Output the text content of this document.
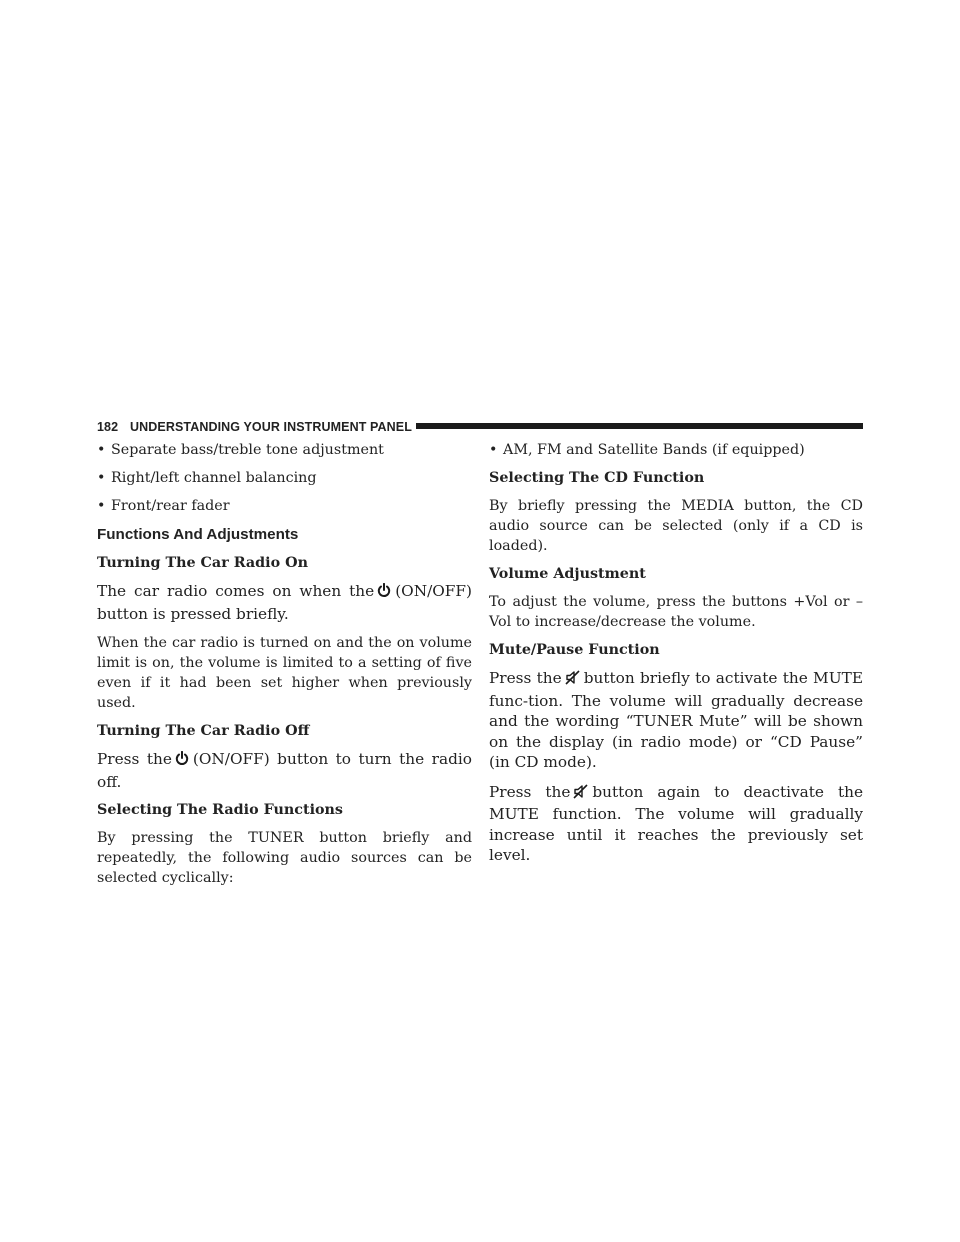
182 UNDERSTANDING YOUR INSTRUMENT PANEL
• Separate bass/treble tone adjustment
• Right/left channel balancing
• Front/rear fader
Functions And Adjustments
Turning The Car Radio On

The car radio comes on when the (ON/OFF) button is pressed briefly.

When the car radio is turned on and the on volume limit is on, the volume is limited to a setting of five even if it had been set higher when previously used.

Turning The Car Radio Off

Press the (ON/OFF) button to turn the radio off.

Selecting The Radio Functions

By pressing the TUNER button briefly and repeatedly, the following audio sources can be selected cyclically:

• AM, FM and Satellite Bands (if equipped)
Selecting The CD Function

By briefly pressing the MEDIA button, the CD audio source can be selected (only if a CD is loaded).

Volume Adjustment

To adjust the volume, press the buttons +Vol or –Vol to increase/decrease the volume.

Mute/Pause Function

Press the button briefly to activate the MUTE func-tion. The volume will gradually decrease and the wording “TUNER Mute” will be shown on the display (in radio mode) or “CD Pause” (in CD mode).

Press the button again to deactivate the MUTE function. The volume will gradually increase until it reaches the previously set level.
